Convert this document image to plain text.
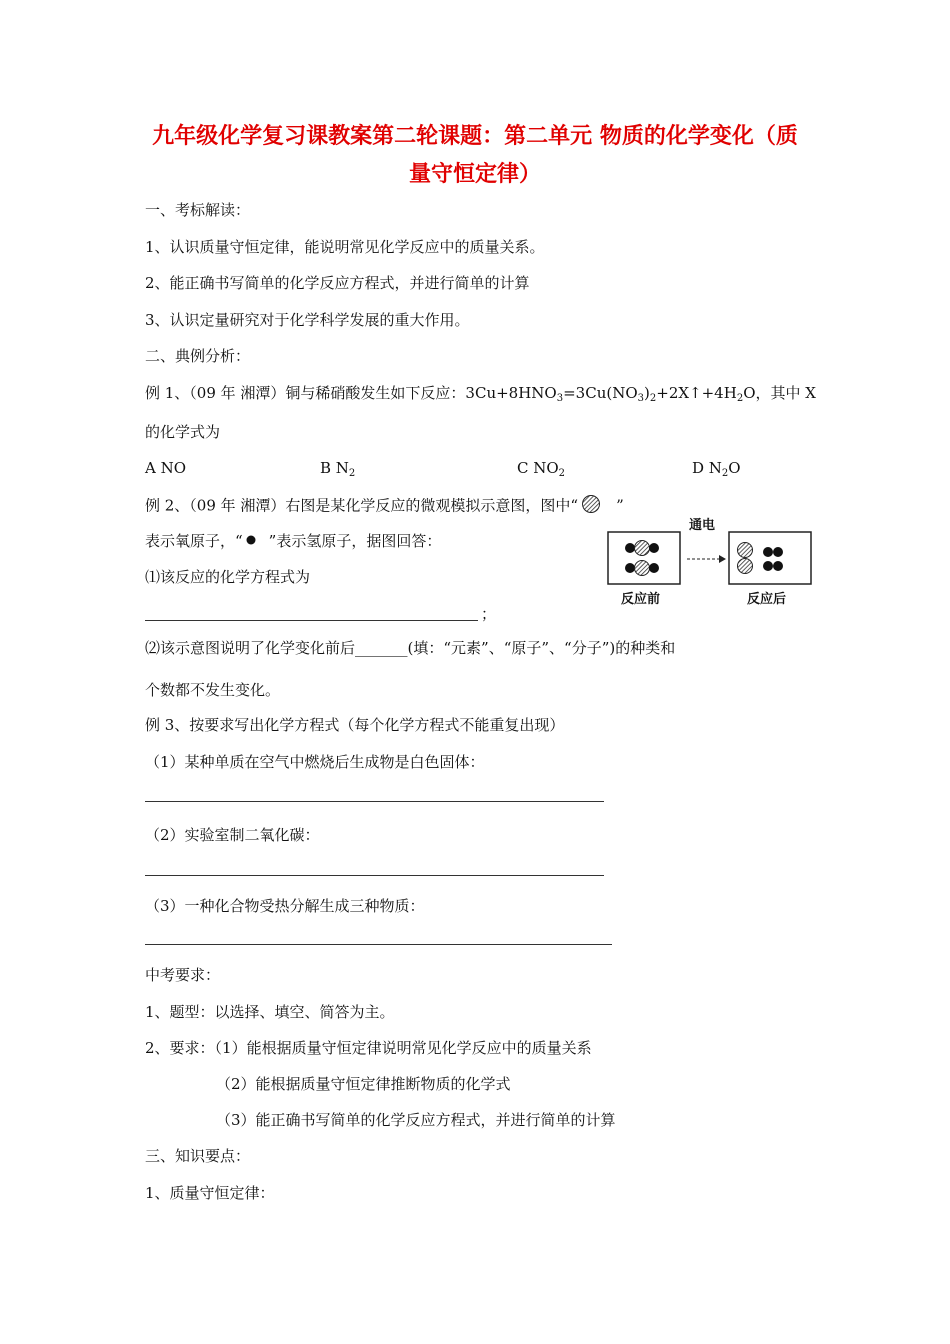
九年级化学复习课教案第二轮课题：第二单元 物质的化学变化（质
量守恒定律）
一、考标解读：
1、认识质量守恒定律，能说明常见化学反应中的质量关系。
2、能正确书写简单的化学反应方程式，并进行简单的计算
3、认识定量研究对于化学科学发展的重大作用。
二、典例分析：
例 1、（09 年 湘潭）铜与稀硝酸发生如下反应：$3Cu+8HNO_3=3Cu(NO_3)_2+2X↑+4H_2O$，其中 X
的化学式为
A NO	B $N_2$	C $NO_2$	D $N_2O$
例 2、（09 年 湘潭）右图是某化学反应的微观模拟示意图，图中“	”
表示氧原子，“ ”表示氢原子，据图回答：
⑴该反应的化学方程式为
；
⑵该示意图说明了化学变化前后_______(填：“元素”、“原子”、“分子”)的种类和
个数都不发生变化。
通电
反应前	反应后
例 3、按要求写出化学方程式（每个化学方程式不能重复出现）
（1）某种单质在空气中燃烧后生成物是白色固体：
（2）实验室制二氧化碳：
（3）一种化合物受热分解生成三种物质：
中考要求：
1、题型：以选择、填空、简答为主。
2、要求：（1）能根据质量守恒定律说明常见化学反应中的质量关系
（2）能根据质量守恒定律推断物质的化学式
（3）能正确书写简单的化学反应方程式，并进行简单的计算
三、知识要点：
1、质量守恒定律：
